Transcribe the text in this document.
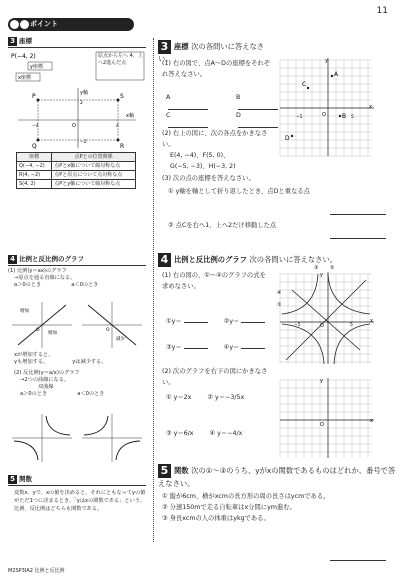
11
ポイント
3 座標
P(−4, 2)
y座標
x座標
原点から左へ 4、上へ2進んだ点
P
Q	R
S
y軸
x軸
O
2
4
−2
−4
座標	点Pとの位置関係
Q(−4, −2)	点Pとx軸について線対称な点
R(4, −2)	点Pと原点について点対称な点
S(4, 2)	点Pとy軸について線対称な点
4 比例と反比例のグラフ
(1) 比例(y＝ax)のグラフ
→原点を通る直線になる。
a＞0のとき	a＜0のとき
増加
増加
O
減少
O
xが増加すると、
yも増加する。	yは減少する。
(2) 反比例(y＝a/x)のグラフ
→2つの曲線になる。
双曲線
a＞0のとき	a＜0のとき
5 関数
変数x、yで、xの値を決めると、それにともなってyの値がただ1つに決まるとき、「yはxの関数である」という。比例、反比例はどちらも関数である。
M2SP3IA2 比例と反比例
3 座標 次の各問いに答えなさい。
(1) 右の図で、点A〜Dの座標をそれぞれ答えなさい。
A	B
C	D
(2) 右上の図に、次の各点をかきなさい。
E(4, −4)、F(5, 0)、
G(−5, −3)、H(−3, 2)
(3) 次の点の座標を答えなさい。
① y軸を軸として折り返したとき、点Dと重なる点
② 点Cを右へ1、上へ2だけ移動した点
y
x
O	5
−5
C
A
B
D
4 比例と反比例のグラフ 次の各問いに答えなさい。
(1) 右の図の、①〜④のグラフの式を求めなさい。
①y＝	②y＝
③y＝	④y＝
(2) 次のグラフを右下の図にかきなさい。
① y＝2x	② y＝−3/5x
③ y＝6/x	④ y＝−4/x
y
x
O
③ ②
④
①
5
−5
y
x
O
5 関数 次の①〜③のうち、yがxの関数であるものはどれか、番号で答えなさい。
① 縦が6cm、横がxcmの長方形の周の長さはycmである。
② 分速150mで走る自転車はx分間にym進む。
③ 身長xcmの人の体重はykgである。
